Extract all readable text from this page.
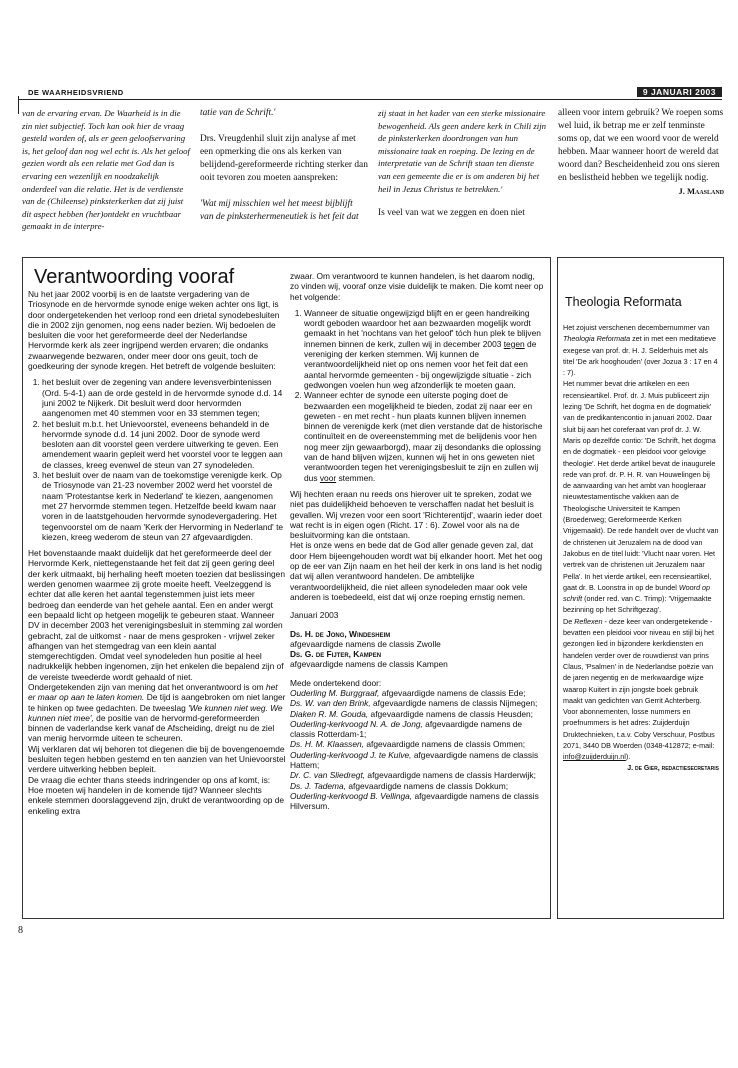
DE WAARHEIDSVRIEND	9 JANUARI 2003

van de ervaring ervan. De Waarheid is in die zin niet subjectief. Toch kan ook hier de vraag gesteld worden of, als er geen geloofservaring is, het geloof dan nog wel echt is. Als het geloof gezien wordt als een relatie met God dan is ervaring een wezenlijk en noodzakelijk onderdeel van die relatie. Het is de verdienste van de (Chileense) pinksterkerken dat zij juist dit aspect hebben (her)ontdekt en vruchtbaar gemaakt in de interpre-

tatie van de Schrift.'

Drs. Vreugdenhil sluit zijn analyse af met een opmerking die ons als kerken van belijdend-gereformeerde richting sterker dan ooit tevoren zou moeten aanspreken:

'Wat mij misschien wel het meest bijblijft van de pinksterhermeneutiek is het feit dat

zij staat in het kader van een sterke missionaire bewogenheid. Als geen andere kerk in Chili zijn de pinksterkerken doordrongen van hun missionaire taak en roeping. De lezing en de interpretatie van de Schrift staan ten dienste van een gemeente die er is om anderen bij het heil in Jezus Christus te betrekken.'

Is veel van wat we zeggen en doen niet

alleen voor intern gebruik? We roepen soms wel luid, ik betrap me er zelf tenminste soms op, dat we een woord voor de wereld hebben. Maar wanneer hoort de wereld dat woord dan? Bescheidenheid zou ons sieren en beslistheid hebben we tegelijk nodig.

J. Maasland

Verantwoording vooraf

Nu het jaar 2002 voorbij is en de laatste vergadering van de Triosynode en de hervormde synode enige weken achter ons ligt, is door ondergetekenden het verloop rond een drietal synodebesluiten die in 2002 zijn genomen, nog eens nader bezien. Wij bedoelen de besluiten die voor het gereformeerde deel der Nederlandse Hervormde kerk als zeer ingrijpend werden ervaren; die ondanks zwaarwegende bezwaren, onder meer door ons geuit, toch de goedkeuring der synode kregen. Het betreft de volgende besluiten:

1. het besluit over de zegening van andere levensverbintenissen (Ord. 5-4-1) aan de orde gesteld in de hervormde synode d.d. 14 juni 2002 te Nijkerk. Dit besluit werd door hervormden aangenomen met 40 stemmen voor en 33 stemmen tegen;
2. het besluit m.b.t. het Unievoorstel, eveneens behandeld in de hervormde synode d.d. 14 juni 2002. Door de synode werd besloten aan dit voorstel geen verdere uitwerking te geven. Een amendement waarin gepleit werd het voorstel voor te leggen aan de classes, kreeg evenwel de steun van 27 synodeleden.
3. het besluit over de naam van de toekomstige verenigde kerk. Op de Triosynode van 21-23 november 2002 werd het voorstel de naam 'Protestantse kerk in Nederland' te kiezen, aangenomen met 27 hervormde stemmen tegen. Hetzelfde beeld kwam naar voren in de laatstgehouden hervormde synodevergadering. Het tegenvoorstel om de naam 'Kerk der Hervorming in Nederland' te kiezen, kreeg wederom de steun van 27 afgevaardigden.

Het bovenstaande maakt duidelijk dat het gereformeerde deel der Hervormde Kerk, niettegenstaande het feit dat zij geen gering deel der kerk uitmaakt, bij herhaling heeft moeten toezien dat beslissingen werden genomen waarmee zij grote moeite heeft. Veelzeggend is echter dat alle keren het aantal tegenstemmen juist iets meer bedroeg dan eenderde van het gehele aantal. Een en ander wergt een bepaald licht op hetgeen mogelijk te gebeuren staat. Wanneer DV in december 2003 het verenigingsbesluit in stemming zal worden gebracht, zal de uitkomst - naar de mens gesproken - vrijwel zeker afhangen van het stemgedrag van een klein aantal stemgerechtigden. Omdat veel synodeleden hun positie al heel nadrukkelijk hebben ingenomen, zijn het enkelen die bepalend zijn of de vereiste tweederde wordt gehaald of niet.

Ondergetekenden zijn van mening dat het onverantwoord is om het er maar op aan te laten komen. De tijd is aangebroken om niet langer te hinken op twee gedachten. De tweeslag 'We kunnen niet weg. We kunnen niet mee', de positie van de hervormd-gereformeerden binnen de vaderlandse kerk vanaf de Afscheiding, dreigt nu de ziel van menig hervormde uiteen te scheuren.

Wij verklaren dat wij behoren tot diegenen die bij de bovengenoemde besluiten tegen hebben gestemd en ten aanzien van het Unievoorstel verdere uitwerking hebben bepleit.

De vraag die echter thans steeds indringender op ons af komt, is: Hoe moeten wij handelen in de komende tijd? Wanneer slechts enkele stemmen doorslaggevend zijn, drukt de verantwoording op de enkeling extra

zwaar. Om verantwoord te kunnen handelen, is het daarom nodig, zo vinden wij, vooraf onze visie duidelijk te maken. Die komt neer op het volgende:

1. Wanneer de situatie ongewijzigd blijft en er geen handreiking wordt geboden waardoor het aan bezwaarden mogelijk wordt gemaakt in het 'nochtans van het geloof' tóch hun plek te blijven innemen binnen de kerk, zullen wij in december 2003 tegen de vereniging der kerken stemmen. Wij kunnen de verantwoordelijkheid niet op ons nemen voor het feit dat een aantal hervormde gemeenten - bij ongewijzigde situatie - zich gedwongen voelen hun weg afzonderlijk te moeten gaan.
2. Wanneer echter de synode een uiterste poging doet de bezwaarden een mogelijkheid te bieden, zodat zij naar eer en geweten - en met recht - hun plaats kunnen blijven innemen binnen de verenigde kerk (met dien verstande dat de historische continuïteit en de overeenstemming met de belijdenis voor hen nog meer zijn gewaarborgd), maar zij desondanks die oplossing van de hand blijven wijzen, kunnen wij het in ons geweten niet verantwoorden tegen het verenigingsbesluit te zijn en zullen wij dus voor stemmen.

Wij hechten eraan nu reeds ons hierover uit te spreken, zodat we niet pas duidelijkheid behoeven te verschaffen nadat het besluit is gevallen. Wij vrezen voor een soort 'Richterentijd', waarin ieder doet wat recht is in eigen ogen (Richt. 17 : 6). Zowel voor als na de besluitvorming kan die ontstaan.

Het is onze wens en bede dat de God aller genade geven zal, dat door Hem bijeengehouden wordt wat bij elkander hoort. Met het oog op de eer van Zijn naam en het heil der kerk in ons land is het nodig dat wij allen verantwoord handelen. De ambtelijke verantwoordelijkheid, die niet alleen synodeleden maar ook vele anderen is toebedeeld, eist dat wij onze roeping ernstig nemen.

Januari 2003

Ds. H. de Jong, Windesheim

afgevaardigde namens de classis Zwolle

Ds. G. de Fijter, Kampen

afgevaardigde namens de classis Kampen

Mede ondertekend door:

Ouderling M. Burggraaf, afgevaardigde namens de classis Ede;

Ds. W. van den Brink, afgevaardigde namens de classis Nijmegen;

Diaken R. M. Gouda, afgevaardigde namens de classis Heusden;

Ouderling-kerkvoogd N. A. de Jong, afgevaardigde namens de classis Rotterdam-1;

Ds. H. M. Klaassen, afgevaardigde namens de classis Ommen;

Ouderling-kerkvoogd J. te Kulve, afgevaardigde namens de classis Hattem;

Dr. C. van Sliedregt, afgevaardigde namens de classis Harderwijk;

Ds. J. Tadema, afgevaardigde namens de classis Dokkum;

Ouderling-kerkvoogd B. Vellinga, afgevaardigde namens de classis Hilversum.

Theologia Reformata

Het zojuist verschenen decembernummer van Theologia Reformata zet in met een meditatieve exegese van prof. dr. H. J. Selderhuis met als titel 'De ark hooghouden' (over Jozua 3 : 17 en 4 : 7).

Het nummer bevat drie artikelen en een recensieartikel. Prof. dr. J. Muis publiceert zijn lezing 'De Schrift, het dogma en de dogmatiek' van de predikantencontio in januari 2002. Daar sluit bij aan het coreferaat van prof dr. J. W. Maris op dezelfde contio: 'De Schrift, het dogma en de dogmatiek - een pleidooi voor gelovige theologie'. Het derde artikel bevat de inaugurele rede van prof. dr. P. H. R. van Houwelingen bij de aanvaarding van het ambt van hoogleraar nieuwtestamentische vakken aan de Theologische Universiteit te Kampen (Broederweg; Gereformeerde Kerken Vrijgemaakt). De rede handelt over de vlucht van de christenen uit Jeruzalem na de dood van Jakobus en de titel luidt: 'Vlucht naar voren. Het vertrek van de christenen uit Jeruzalem naar Pella'. In het vierde artikel, een recensieartikel, gaat dr. B. Loonstra in op de bundel Woord op schrift (onder red. van C. Trimp): 'Vrijgemaakte bezinning op het Schriftgezag'.

De Reflexen - deze keer van ondergetekende - bevatten een pleidooi voor niveau en stijl bij het gezongen lied in bijzondere kerkdiensten en handelen verder over de rouwdienst van prins Claus, 'Psalmen' in de Nederlandse poëzie van de jaren negentig en de merkwaardige wijze waarop Kuitert in zijn jongste boek gebruik maakt van gedichten van Gerrit Achterberg.

Voor abonnementen, losse nummers en proefnummers is het adres: Zuijderduijn Druktechnieken, t.a.v. Coby Verschuur, Postbus 2071, 3440 DB Woerden (0348-412872; e-mail: info@zuijderduijn.nl).

J. de Gier, redactiesecretaris

8
